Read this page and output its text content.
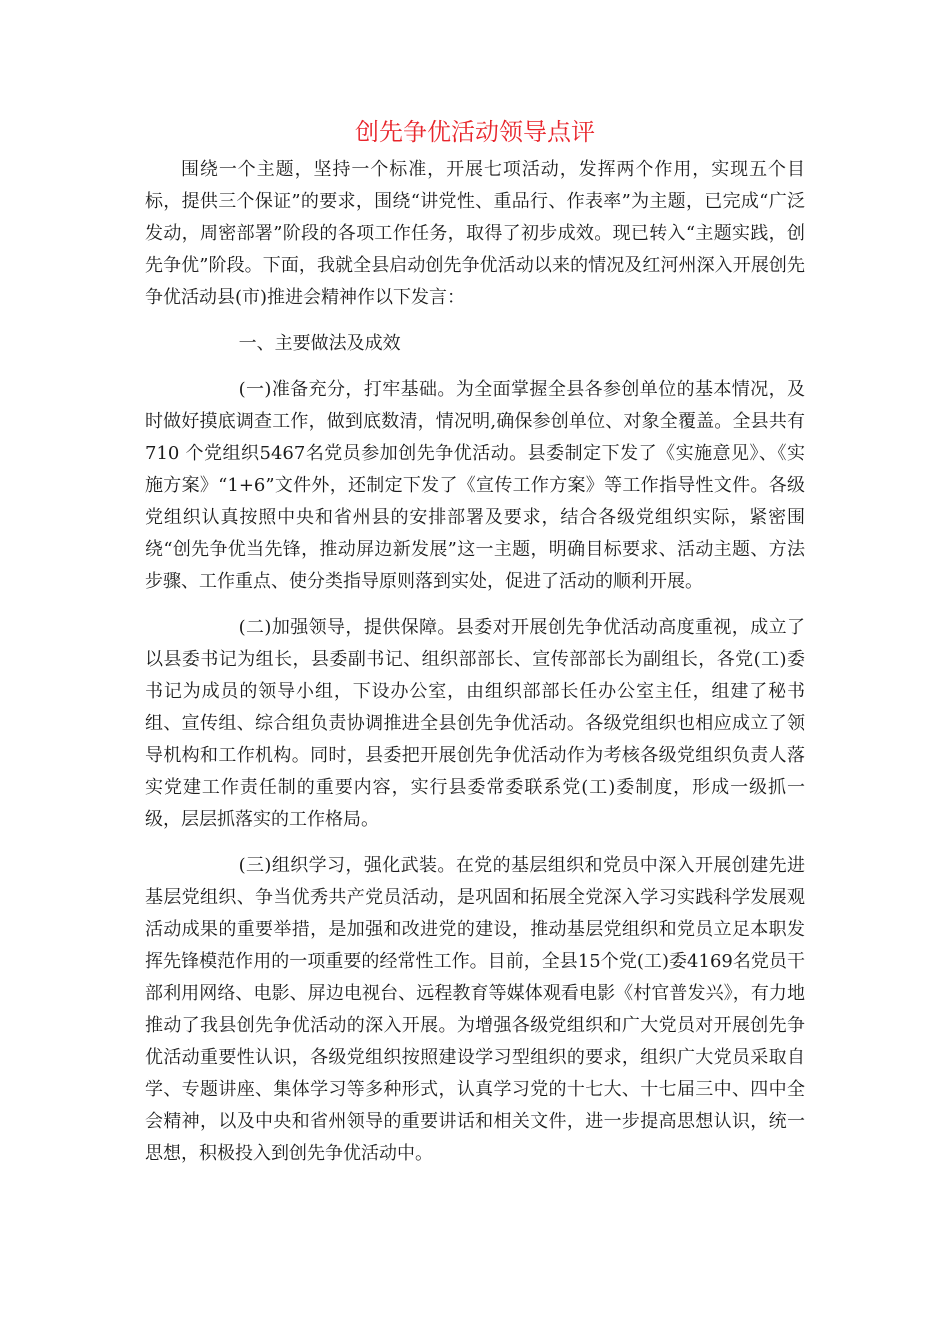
创先争优活动领导点评

围绕一个主题，坚持一个标准，开展七项活动，发挥两个作用，实现五个目标，提供三个保证”的要求，围绕“讲党性、重品行、作表率”为主题，已完成“广泛发动，周密部署”阶段的各项工作任务，取得了初步成效。现已转入“主题实践，创先争优”阶段。下面，我就全县启动创先争优活动以来的情况及红河州深入开展创先争优活动县(市)推进会精神作以下发言：

一、主要做法及成效

(一)准备充分，打牢基础。为全面掌握全县各参创单位的基本情况，及时做好摸底调查工作，做到底数清，情况明,确保参创单位、对象全覆盖。全县共有710 个党组织5467名党员参加创先争优活动。县委制定下发了《实施意见》、《实施方案》“1+6”文件外，还制定下发了《宣传工作方案》等工作指导性文件。各级党组织认真按照中央和省州县的安排部署及要求，结合各级党组织实际，紧密围绕“创先争优当先锋，推动屏边新发展”这一主题，明确目标要求、活动主题、方法步骤、工作重点、使分类指导原则落到实处，促进了活动的顺利开展。

(二)加强领导，提供保障。县委对开展创先争优活动高度重视，成立了以县委书记为组长，县委副书记、组织部部长、宣传部部长为副组长，各党(工)委书记为成员的领导小组，下设办公室，由组织部部长任办公室主任，组建了秘书组、宣传组、综合组负责协调推进全县创先争优活动。各级党组织也相应成立了领导机构和工作机构。同时，县委把开展创先争优活动作为考核各级党组织负责人落实党建工作责任制的重要内容，实行县委常委联系党(工)委制度，形成一级抓一级，层层抓落实的工作格局。

(三)组织学习，强化武装。在党的基层组织和党员中深入开展创建先进基层党组织、争当优秀共产党员活动，是巩固和拓展全党深入学习实践科学发展观活动成果的重要举措，是加强和改进党的建设，推动基层党组织和党员立足本职发挥先锋模范作用的一项重要的经常性工作。目前，全县15个党(工)委4169名党员干部利用网络、电影、屏边电视台、远程教育等媒体观看电影《村官普发兴》，有力地推动了我县创先争优活动的深入开展。为增强各级党组织和广大党员对开展创先争优活动重要性认识，各级党组织按照建设学习型组织的要求，组织广大党员采取自学、专题讲座、集体学习等多种形式，认真学习党的十七大、十七届三中、四中全会精神，以及中央和省州领导的重要讲话和相关文件，进一步提高思想认识，统一思想，积极投入到创先争优活动中。
